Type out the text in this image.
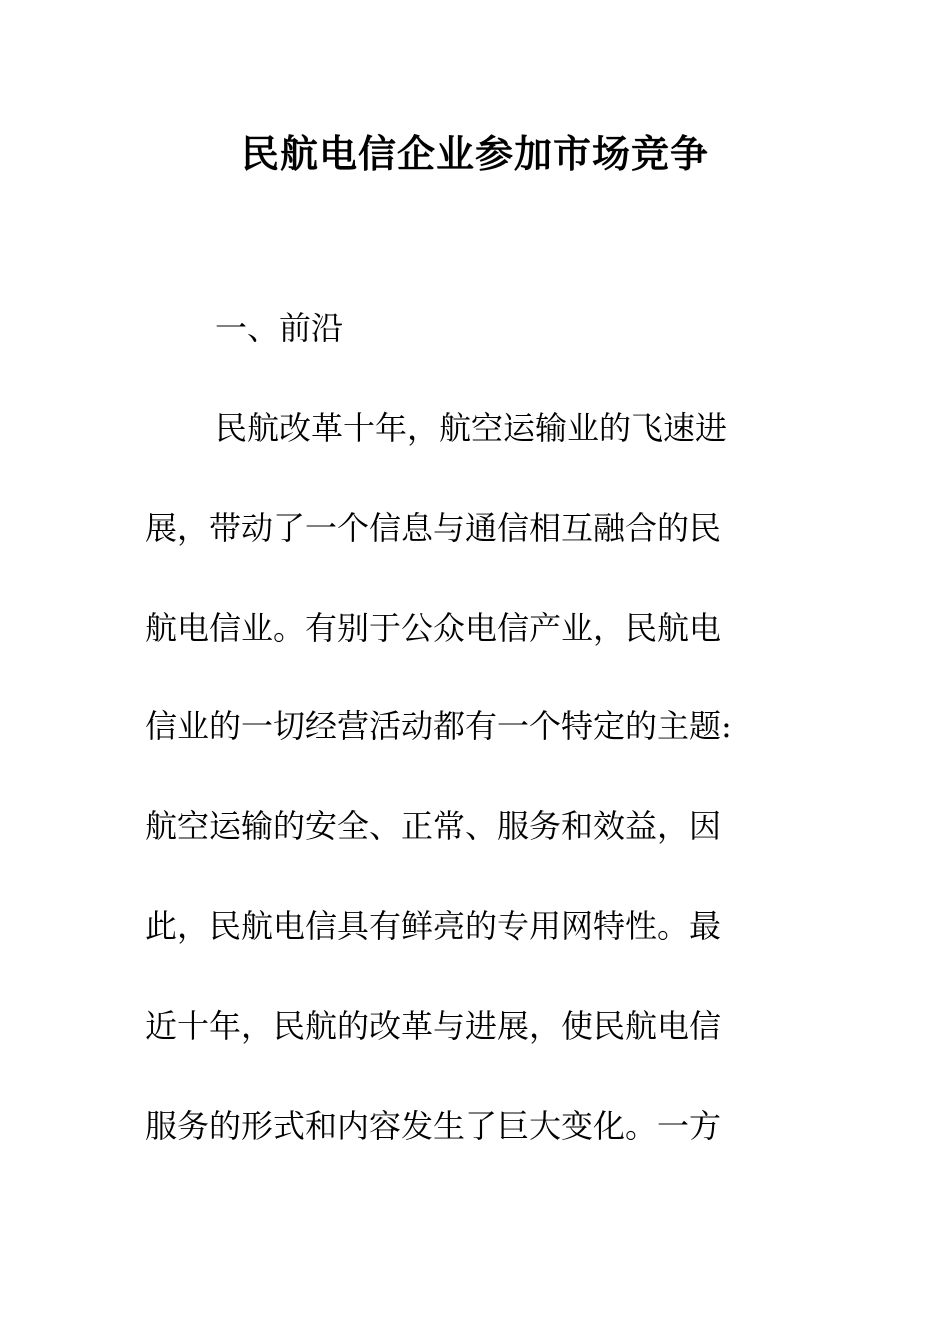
民航电信企业参加市场竞争

一、前沿

民航改革十年，航空运输业的飞速进

展，带动了一个信息与通信相互融合的民

航电信业。有别于公众电信产业，民航电

信业的一切经营活动都有一个特定的主题:

航空运输的安全、正常、服务和效益，因

此，民航电信具有鲜亮的专用网特性。最

近十年，民航的改革与进展，使民航电信

服务的形式和内容发生了巨大变化。一方
